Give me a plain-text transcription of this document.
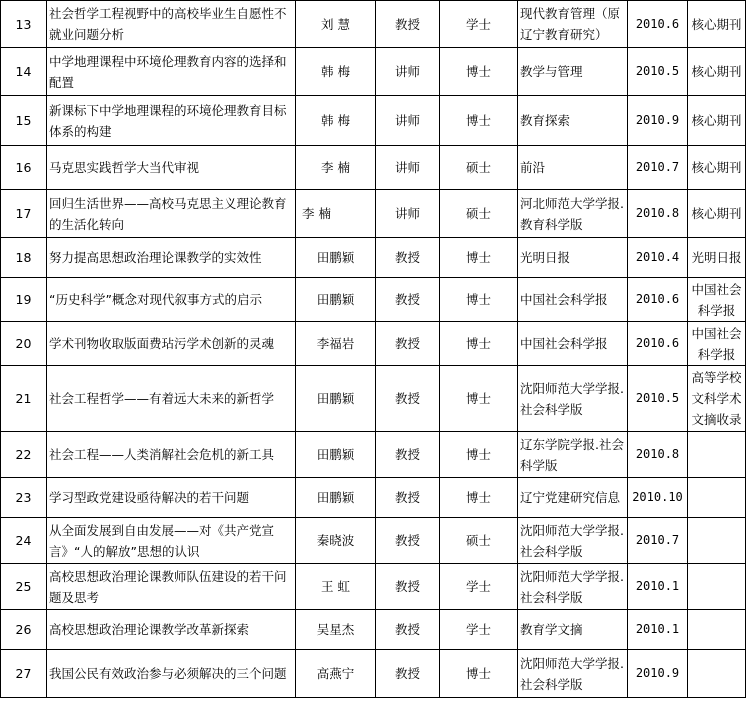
13	社会哲学工程视野中的高校毕业生自愿性不就业问题分析	刘 慧	教授	学士	现代教育管理（原辽宁教育研究）	2010.6	核心期刊
14	中学地理课程中环境伦理教育内容的选择和配置	韩 梅	讲师	博士	教学与管理	2010.5	核心期刊
15	新课标下中学地理课程的环境伦理教育目标体系的构建	韩 梅	讲师	博士	教育探索	2010.9	核心期刊
16	马克思实践哲学大当代审视	李 楠	讲师	硕士	前沿	2010.7	核心期刊
17	回归生活世界——高校马克思主义理论教育的生活化转向	李 楠	讲师	硕士	河北师范大学学报.教育科学版	2010.8	核心期刊
18	努力提高思想政治理论课教学的实效性	田鹏颖	教授	博士	光明日报	2010.4	光明日报
19	“历史科学”概念对现代叙事方式的启示	田鹏颖	教授	博士	中国社会科学报	2010.6	中国社会科学报
20	学术刊物收取版面费玷污学术创新的灵魂	李福岩	教授	博士	中国社会科学报	2010.6	中国社会科学报
21	社会工程哲学——有着远大未来的新哲学	田鹏颖	教授	博士	沈阳师范大学学报.社会科学版	2010.5	高等学校文科学术文摘收录
22	社会工程——人类消解社会危机的新工具	田鹏颖	教授	博士	辽东学院学报.社会科学版	2010.8	
23	学习型政党建设亟待解决的若干问题	田鹏颖	教授	博士	辽宁党建研究信息	2010.10	
24	从全面发展到自由发展——对《共产党宣言》“人的解放”思想的认识	秦晓波	教授	硕士	沈阳师范大学学报.社会科学版	2010.7	
25	高校思想政治理论课教师队伍建设的若干问题及思考	王 虹	教授	学士	沈阳师范大学学报.社会科学版	2010.1	
26	高校思想政治理论课教学改革新探索	吴星杰	教授	学士	教育学文摘	2010.1	
27	我国公民有效政治参与必须解决的三个问题	高燕宁	教授	博士	沈阳师范大学学报.社会科学版	2010.9	
